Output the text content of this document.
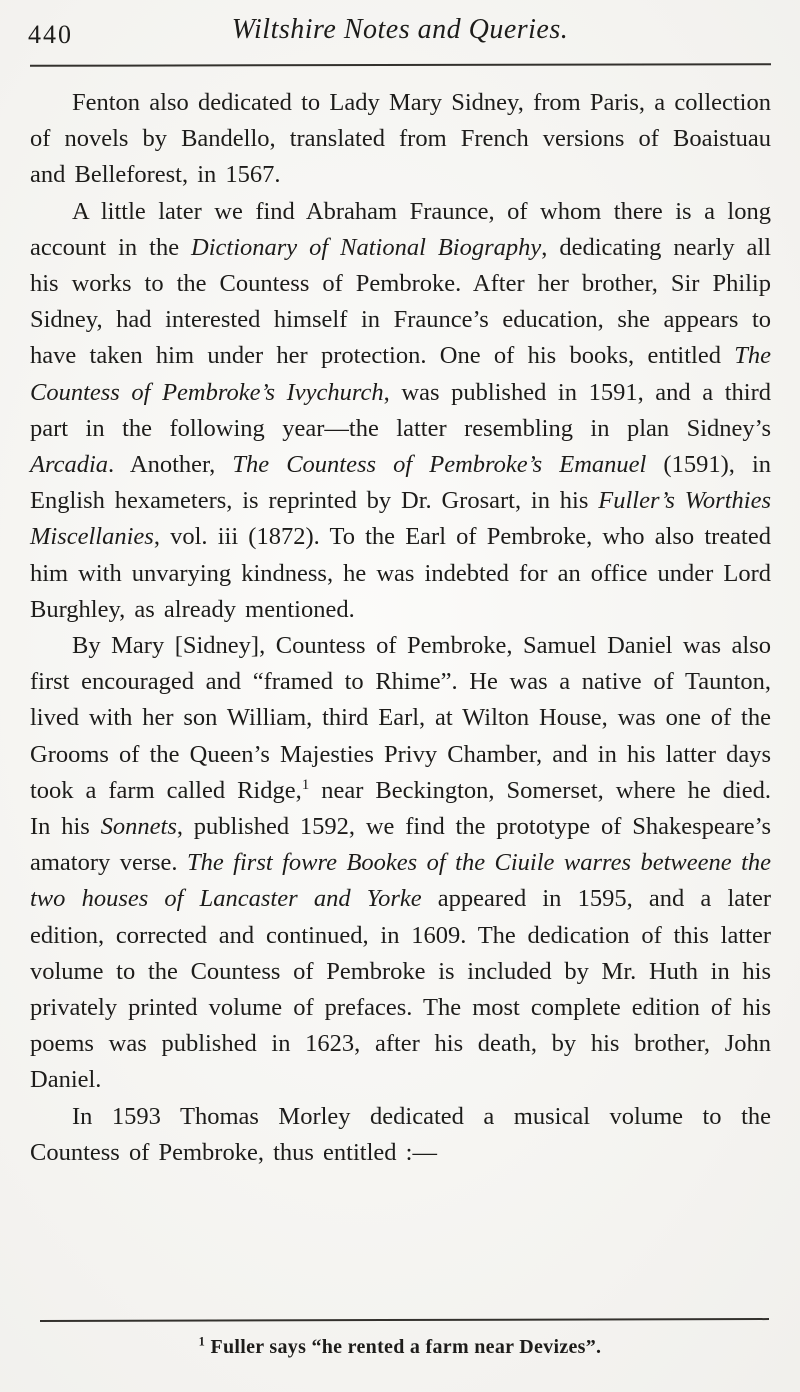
440	Wiltshire Notes and Queries.

Fenton also dedicated to Lady Mary Sidney, from Paris, a collection of novels by Bandello, translated from French versions of Boaistuau and Belleforest, in 1567.

A little later we find Abraham Fraunce, of whom there is a long account in the Dictionary of National Biography, dedicating nearly all his works to the Countess of Pembroke. After her brother, Sir Philip Sidney, had interested himself in Fraunce’s education, she appears to have taken him under her protection. One of his books, entitled The Countess of Pembroke’s Ivychurch, was published in 1591, and a third part in the following year—the latter resembling in plan Sidney’s Arcadia. Another, The Countess of Pembroke’s Emanuel (1591), in English hexameters, is reprinted by Dr. Grosart, in his Fuller’s Worthies Miscellanies, vol. iii (1872). To the Earl of Pembroke, who also treated him with unvarying kindness, he was indebted for an office under Lord Burghley, as already mentioned.

By Mary [Sidney], Countess of Pembroke, Samuel Daniel was also first encouraged and “framed to Rhime”. He was a native of Taunton, lived with her son William, third Earl, at Wilton House, was one of the Grooms of the Queen’s Majesties Privy Chamber, and in his latter days took a farm called Ridge,$^1$ near Beckington, Somerset, where he died. In his Sonnets, published 1592, we find the prototype of Shakespeare’s amatory verse. The first fowre Bookes of the Ciuile warres betweene the two houses of Lancaster and Yorke appeared in 1595, and a later edition, corrected and continued, in 1609. The dedication of this latter volume to the Countess of Pembroke is included by Mr. Huth in his privately printed volume of prefaces. The most complete edition of his poems was published in 1623, after his death, by his brother, John Daniel.

In 1593 Thomas Morley dedicated a musical volume to the Countess of Pembroke, thus entitled :—

$^1$ Fuller says “he rented a farm near Devizes”.
